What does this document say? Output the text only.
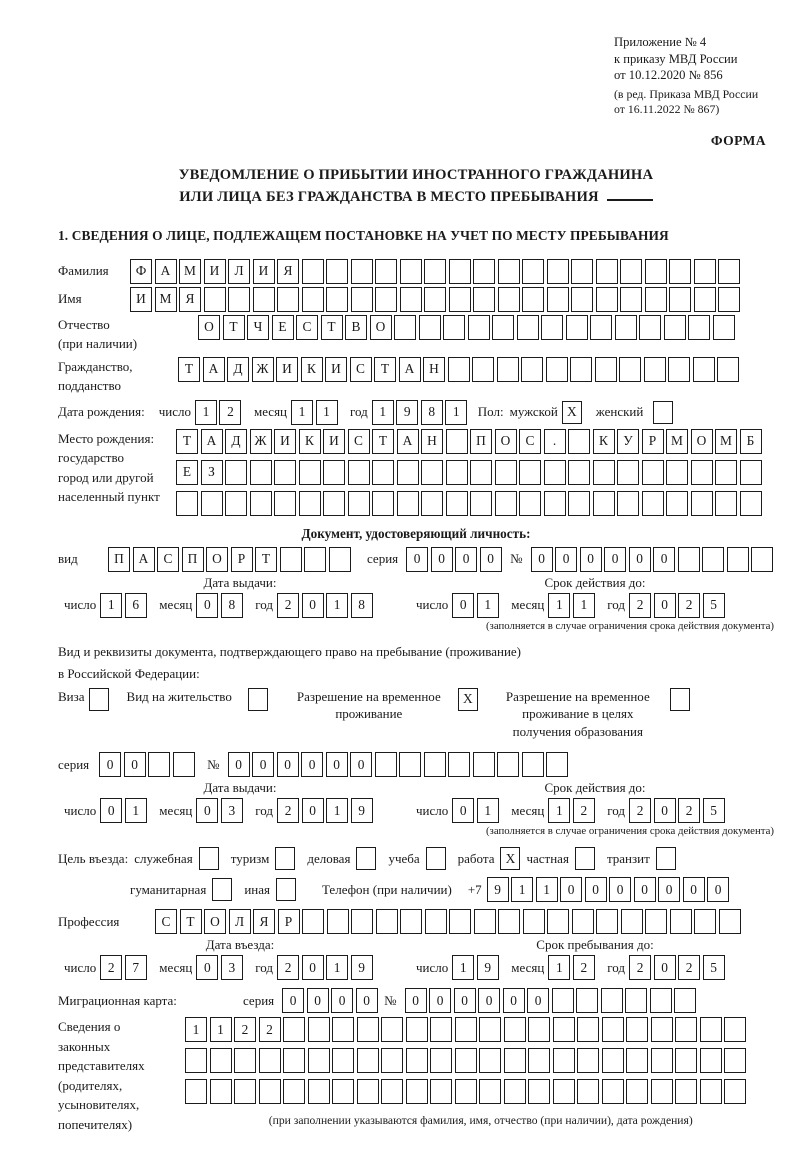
Приложение № 4
к приказу МВД России
от 10.12.2020 № 856
(в ред. Приказа МВД России
от 16.11.2022 № 867)
ФОРМА
УВЕДОМЛЕНИЕ О ПРИБЫТИИ ИНОСТРАННОГО ГРАЖДАНИНА
ИЛИ ЛИЦА БЕЗ ГРАЖДАНСТВА В МЕСТО ПРЕБЫВАНИЯ
1. СВЕДЕНИЯ О ЛИЦЕ, ПОДЛЕЖАЩЕМ ПОСТАНОВКЕ НА УЧЕТ ПО МЕСТУ ПРЕБЫВАНИЯ
Фамилия	Ф	А	М	И	Л	И	Я
Имя	И	М	Я
Отчество
(при наличии)
О	Т	Ч	Е	С	Т	В	О
Гражданство,
подданство
Т	А	Д	Ж	И	К	И	С	Т	А	Н
Дата рождения: число 1	2	месяц 1	1	год 1	9	8	1	Пол: мужской X	женский
Место рождения:
государство
город или другой
населенный пункт
Т	А	Д	Ж	И	К	И	С	Т	А	Н	П	О	С	.	К	У	Р	М	О	М	Б

Е	З

Документ, удостоверяющий личность:
вид	П	А	С	П	О	Р	Т	серия	0	0	0	0	№	0	0	0	0	0	0
Дата выдачи:
число 1	6	месяц 0	8	год 2	0	1	8
Срок действия до:
число 0	1	месяц 1	1	год 2	0	2	5
(заполняется в случае ограничения срока действия документа)
Вид и реквизиты документа, подтверждающего право на пребывание (проживание)
в Российской Федерации:
Виза	Вид на жительство	Разрешение на временное
проживание
X	Разрешение на временное
проживание в целях
получения образования
серия	0	0	№	0	0	0	0	0	0
Дата выдачи:
число 0	1	месяц 0	3	год 2	0	1	9
Срок действия до:
число 0	1	месяц 1	2	год 2	0	2	5
(заполняется в случае ограничения срока действия документа)
Цель въезда: служебная	туризм	деловая	учеба	работа X частная	транзит
гуманитарная	иная	Телефон (при наличии) +7 9	1	1	0	0	0	0	0	0	0
Профессия	С	Т	О	Л	Я	Р
Дата въезда:
число 2	7	месяц 0	3	год 2	0	1	9
Срок пребывания до:
число 1	9	месяц 1	2	год 2	0	2	5
Миграционная карта:	серия	0	0	0	0	№	0	0	0	0	0	0
Сведения о
законных
представителях
(родителях,
усыновителях,
попечителях)
1	1	2	2

(при заполнении указываются фамилия, имя, отчество (при наличии), дата рождения)
